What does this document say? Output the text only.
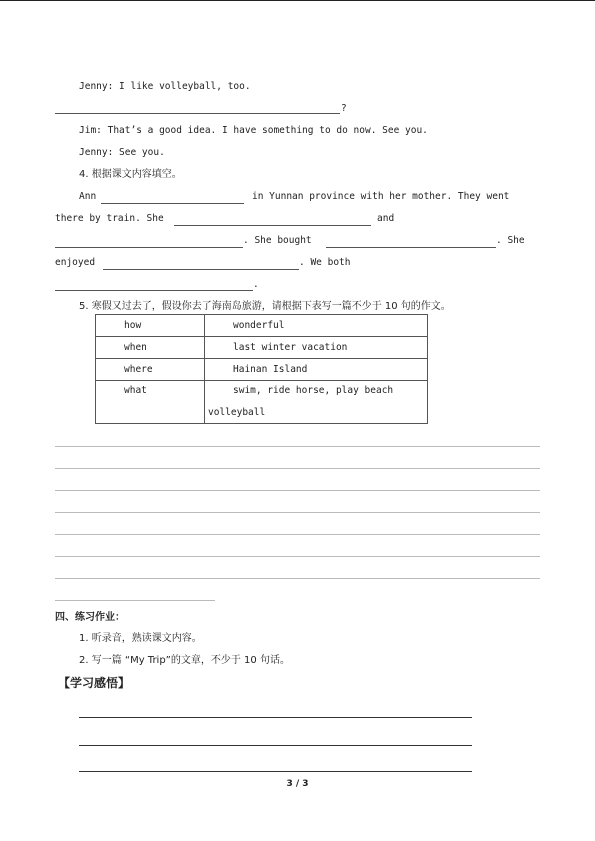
Jenny: I like volleyball, too.
?
Jim: That’s a good idea. I have something to do now. See you.
Jenny: See you.
4. 根据课文内容填空。
Ann	in Yunnan province with her mother. They went
there by train. She	and
. She bought	. She
enjoyed	. We both
.
5. 寒假又过去了，假设你去了海南岛旅游，请根据下表写一篇不少于 10 句的作文。
how	wonderful
when	last winter vacation
where	Hainan Island
what	swim, ride horse, play beach
volleyball
四、练习作业：
1. 听录音，熟读课文内容。
2. 写一篇 “My Trip”的文章，不少于 10 句话。
【学习感悟】
3 / 3
